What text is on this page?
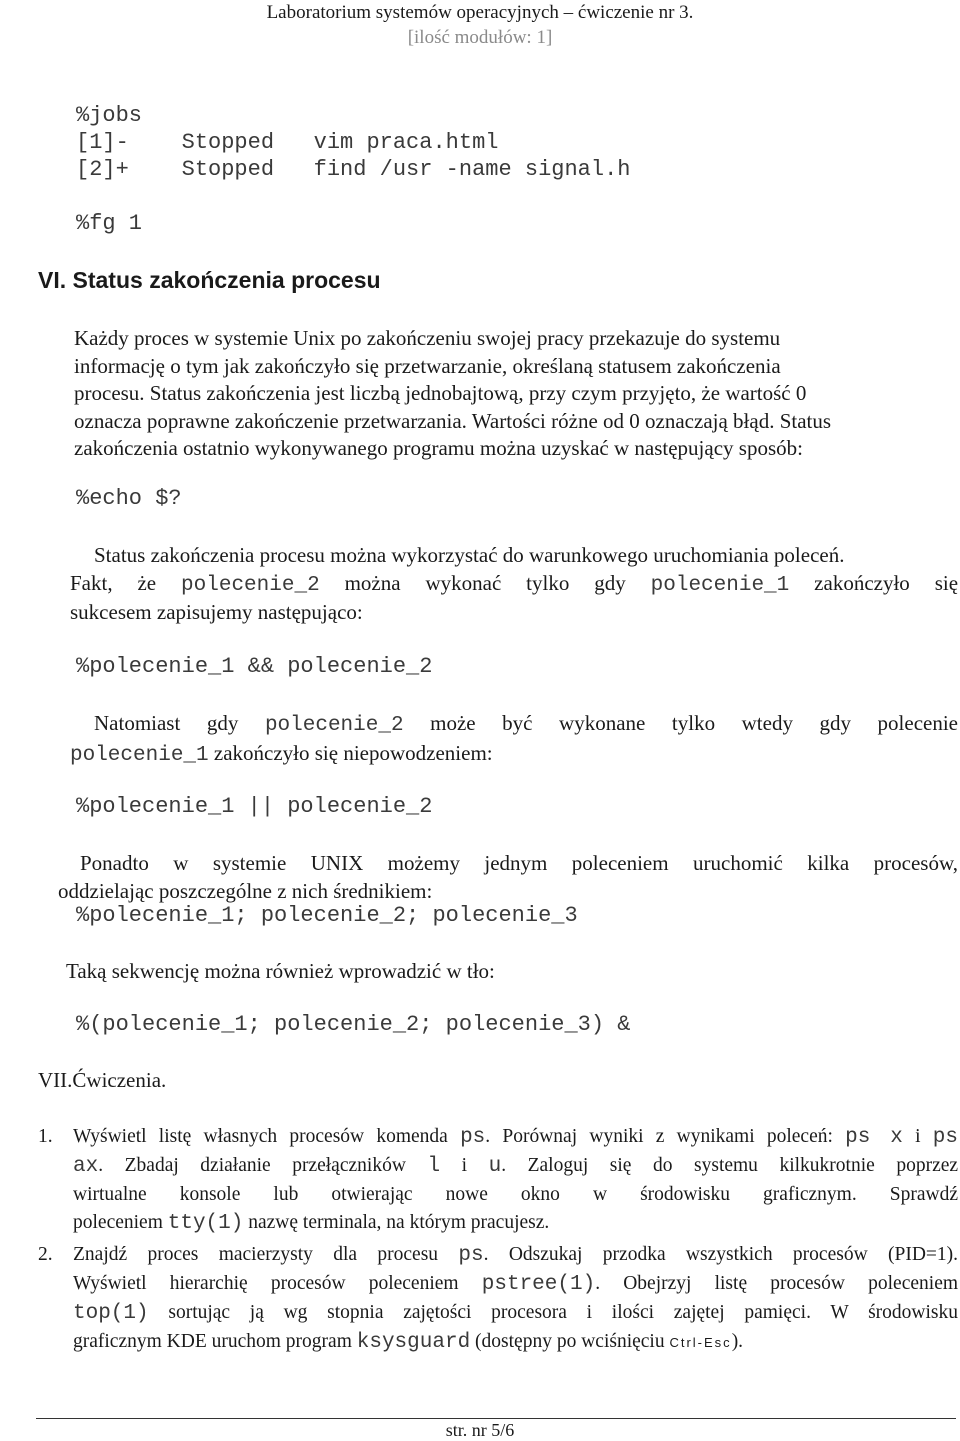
Laboratorium systemów operacyjnych – ćwiczenie nr 3.
[ilość modułów: 1]
%jobs
[1]-    Stopped   vim praca.html
[2]+    Stopped   find /usr -name signal.h
%fg 1
VI. Status zakończenia procesu
Każdy proces w systemie Unix po zakończeniu swojej pracy przekazuje do systemu
informację o tym jak zakończyło się przetwarzanie, określaną statusem zakończenia
procesu. Status zakończenia jest liczbą jednobajtową, przy czym przyjęto, że wartość 0
oznacza poprawne zakończenie przetwarzania. Wartości różne od 0 oznaczają błąd. Status
zakończenia ostatnio wykonywanego programu można uzyskać w następujący sposób:
%echo $?
Status zakończenia procesu można wykorzystać do warunkowego uruchomiania poleceń.
Fakt, że polecenie_2 można wykonać tylko gdy polecenie_1 zakończyło się
sukcesem zapisujemy następująco:
%polecenie_1 && polecenie_2
Natomiast gdy polecenie_2 może być wykonane tylko wtedy gdy polecenie
polecenie_1 zakończyło się niepowodzeniem:
%polecenie_1 || polecenie_2
Ponadto w systemie UNIX możemy jednym poleceniem uruchomić kilka procesów,
oddzielając poszczególne z nich średnikiem:
%polecenie_1; polecenie_2; polecenie_3
Taką sekwencję można również wprowadzić w tło:
%(polecenie_1; polecenie_2; polecenie_3) &
VII.Ćwiczenia.
1. Wyświetl listę własnych procesów komenda ps. Porównaj wyniki z wynikami poleceń: ps x i ps
ax. Zbadaj działanie przełączników l i u. Zaloguj się do systemu kilkukrotnie poprzez
wirtualne konsole lub otwierając nowe okno w środowisku graficznym. Sprawdź
poleceniem tty(1) nazwę terminala, na którym pracujesz.
2. Znajdź proces macierzysty dla procesu ps. Odszukaj przodka wszystkich procesów (PID=1).
Wyświetl hierarchię procesów poleceniem pstree(1). Obejrzyj listę procesów poleceniem
top(1) sortując ją wg stopnia zajętości procesora i ilości zajętej pamięci. W środowisku
graficznym KDE uruchom program ksysguard (dostępny po wciśnięciu Ctrl-Esc).
str. nr 5/6
